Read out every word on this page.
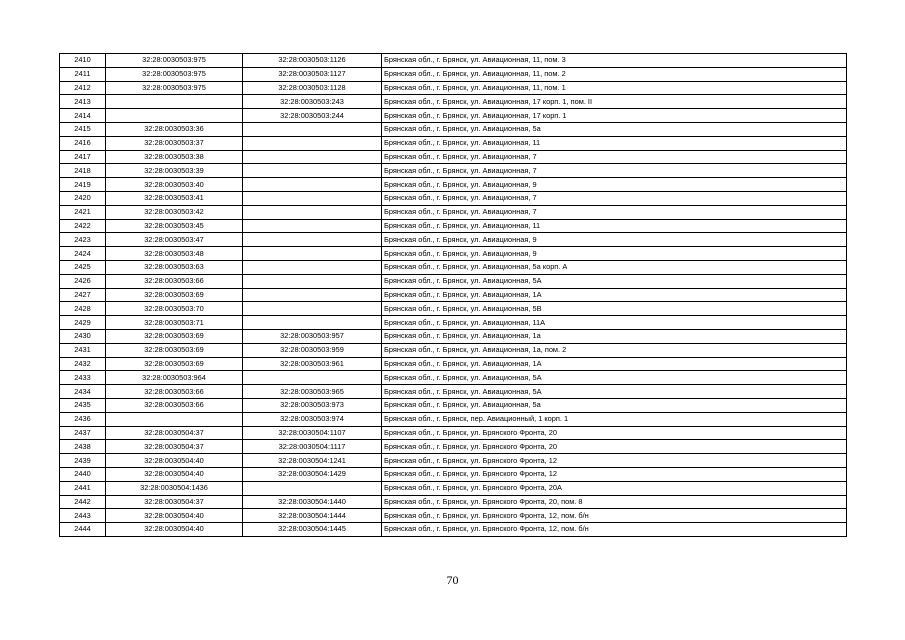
2410	32:28:0030503:975	32:28:0030503:1126	Брянская обл., г. Брянск, ул. Авиационная, 11, пом. 3
2411	32:28:0030503:975	32:28:0030503:1127	Брянская обл., г. Брянск, ул. Авиационная, 11, пом. 2
2412	32:28:0030503:975	32:28:0030503:1128	Брянская обл., г. Брянск, ул. Авиационная, 11, пом. 1
2413		32:28:0030503:243	Брянская обл., г. Брянск, ул. Авиационная, 17 корп. 1, пом. II
2414		32:28:0030503:244	Брянская обл., г. Брянск, ул. Авиационная, 17 корп. 1
2415	32:28:0030503:36		Брянская обл., г. Брянск, ул. Авиационная, 5а
2416	32:28:0030503:37		Брянская обл., г. Брянск, ул. Авиационная, 11
2417	32:28:0030503:38		Брянская обл., г. Брянск, ул. Авиационная, 7
2418	32:28:0030503:39		Брянская обл., г. Брянск, ул. Авиационная, 7
2419	32:28:0030503:40		Брянская обл., г. Брянск, ул. Авиационная, 9
2420	32:28:0030503:41		Брянская обл., г. Брянск, ул. Авиационная, 7
2421	32:28:0030503:42		Брянская обл., г. Брянск, ул. Авиационная, 7
2422	32:28:0030503:45		Брянская обл., г. Брянск, ул. Авиационная, 11
2423	32:28:0030503:47		Брянская обл., г. Брянск, ул. Авиационная, 9
2424	32:28:0030503:48		Брянская обл., г. Брянск, ул. Авиационная, 9
2425	32:28:0030503:63		Брянская обл., г. Брянск, ул. Авиационная, 5а корп. А
2426	32:28:0030503:66		Брянская обл., г. Брянск, ул. Авиационная, 5А
2427	32:28:0030503:69		Брянская обл., г. Брянск, ул. Авиационная, 1А
2428	32:28:0030503:70		Брянская обл., г. Брянск, ул. Авиационная, 5В
2429	32:28:0030503:71		Брянская обл., г. Брянск, ул. Авиационная, 11А
2430	32:28:0030503:69	32:28:0030503:957	Брянская обл., г. Брянск, ул. Авиационная, 1а
2431	32:28:0030503:69	32:28:0030503:959	Брянская обл., г. Брянск, ул. Авиационная, 1а, пом. 2
2432	32:28:0030503:69	32:28:0030503:961	Брянская обл., г. Брянск, ул. Авиационная, 1А
2433	32:28:0030503:964		Брянская обл., г. Брянск, ул. Авиационная, 5А
2434	32:28:0030503:66	32:28:0030503:965	Брянская обл., г. Брянск, ул. Авиационная, 5А
2435	32:28:0030503:66	32:28:0030503:973	Брянская обл., г. Брянск, ул. Авиационная, 5а
2436		32:28:0030503:974	Брянская обл., г. Брянск, пер. Авиационный, 1 корп. 1
2437	32:28:0030504:37	32:28:0030504:1107	Брянская обл., г. Брянск, ул. Брянского Фронта, 20
2438	32:28:0030504:37	32:28:0030504:1117	Брянская обл., г. Брянск, ул. Брянского Фронта, 20
2439	32:28:0030504:40	32:28:0030504:1241	Брянская обл., г. Брянск, ул. Брянского Фронта, 12
2440	32:28:0030504:40	32:28:0030504:1429	Брянская обл., г. Брянск, ул. Брянского Фронта, 12
2441	32:28:0030504:1436		Брянская обл., г. Брянск, ул. Брянского Фронта, 20А
2442	32:28:0030504:37	32:28:0030504:1440	Брянская обл., г. Брянск, ул. Брянского Фронта, 20, пом. 8
2443	32:28:0030504:40	32:28:0030504:1444	Брянская обл., г. Брянск, ул. Брянского Фронта, 12, пом. б/н
2444	32:28:0030504:40	32:28:0030504:1445	Брянская обл., г. Брянск, ул. Брянского Фронта, 12, пом. б/н
70
